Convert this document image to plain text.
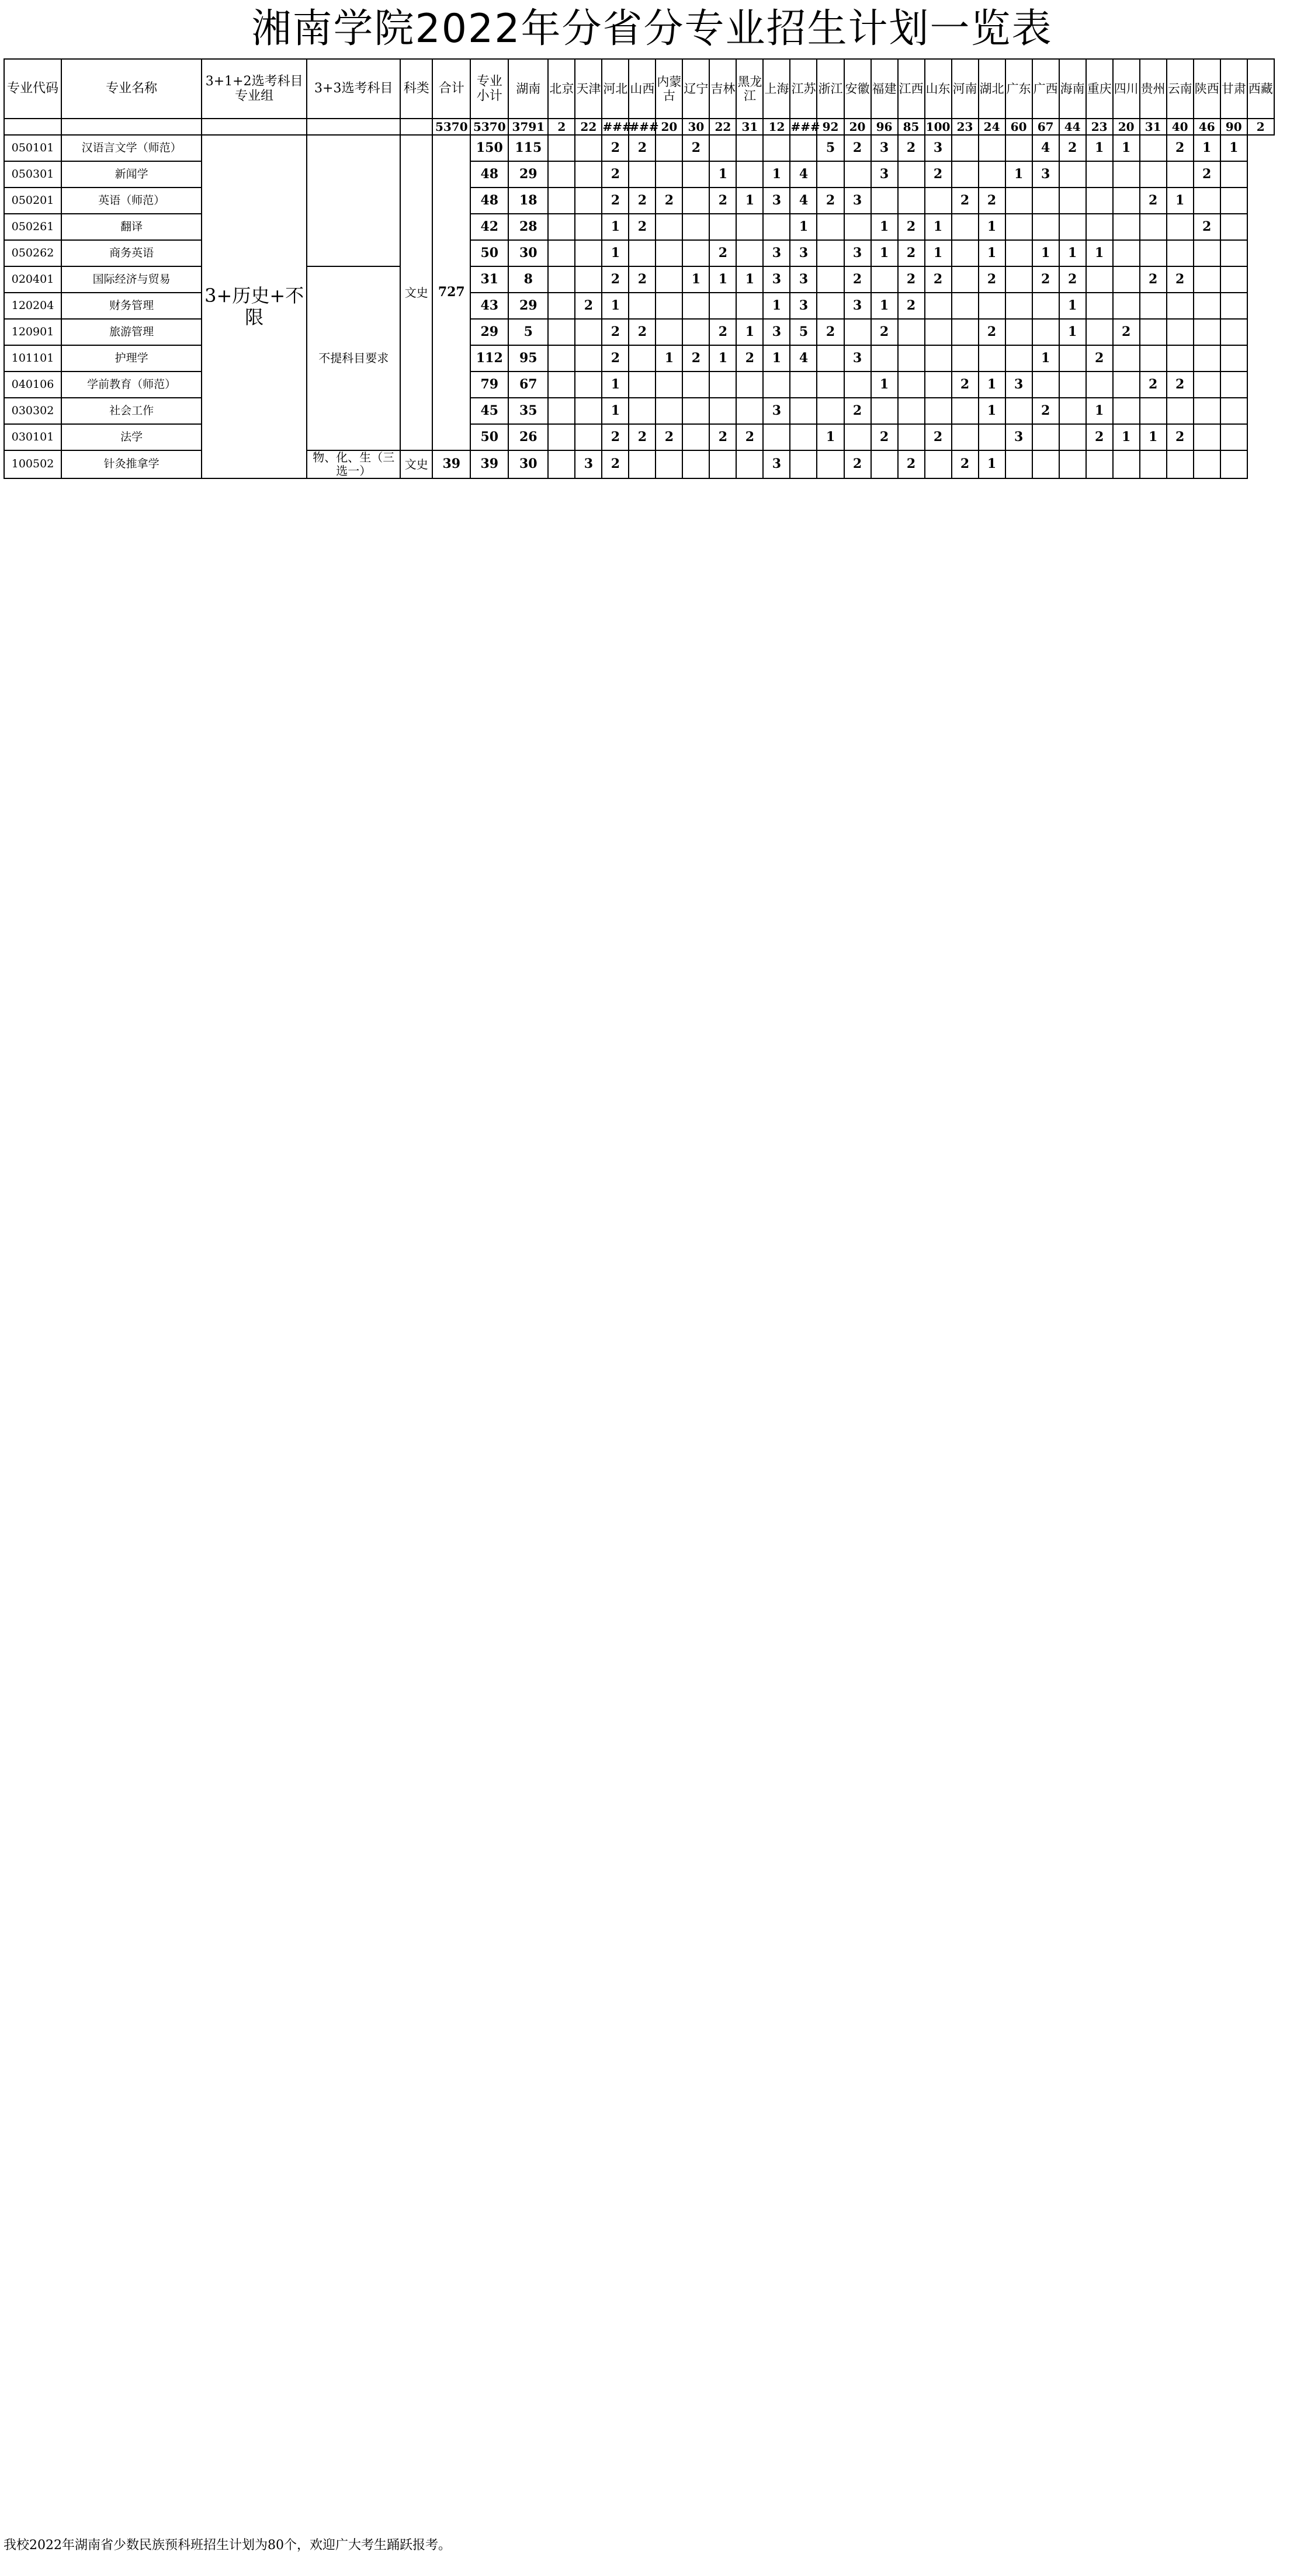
湘南学院2022年分省分专业招生计划一览表
专业代码	专业名称	3+1+2选考科目专业组	3+3选考科目	科类	合计	专业小计	湖南	北京	天津	河北	山西	内蒙古	辽宁	吉林	黑龙江	上海	江苏	浙江	安徽	福建	江西	山东	河南	湖北	广东	广西	海南	重庆	四川	贵州	云南	陕西	甘肃	西藏
					5370	5370	3791	2	22	###	###	20	30	22	31	12	###	92	20	96	85	100	23	24	60	67	44	23	20	31	40	46	90	2
050101	汉语言文学（师范）	3+历史+不限		文史	727	150	115			2	2		2					5	2	3	2	3				4	2	1	1		2	1	1	
050301	新闻学					48	29			2				1		1	4			3		2			1	3						2		
050201	英语（师范）					48	18			2	2	2		2	1	3	4	2	3				2	2						2	1			
050261	翻译					42	28			1	2						1			1	2	1		1								2		
050262	商务英语					50	30			1				2		3	3		3	1	2	1		1		1	1	1						
020401	国际经济与贸易		不提科目要求			31	8			2	2		1	1	1	3	3		2		2	2		2		2	2			2	2			
120204	财务管理					43	29		2	1						1	3		3	1	2						1							
120901	旅游管理					29	5			2	2			2	1	3	5	2		2				2			1		2					
101101	护理学					112	95			2		1	2	1	2	1	4		3							1		2						
040106	学前教育（师范）					79	67			1										1			2	1	3					2	2			
030302	社会工作					45	35			1						3			2					1		2		1						
030101	法学					50	26			2	2	2		2	2			1		2		2			3			2	1	1	2			
100502	针灸推拿学		物、化、生（三选一）	文史	39	39	30		3	2						3			2		2		2	1										
我校2022年湖南省少数民族预科班招生计划为80个，欢迎广大考生踊跃报考。
